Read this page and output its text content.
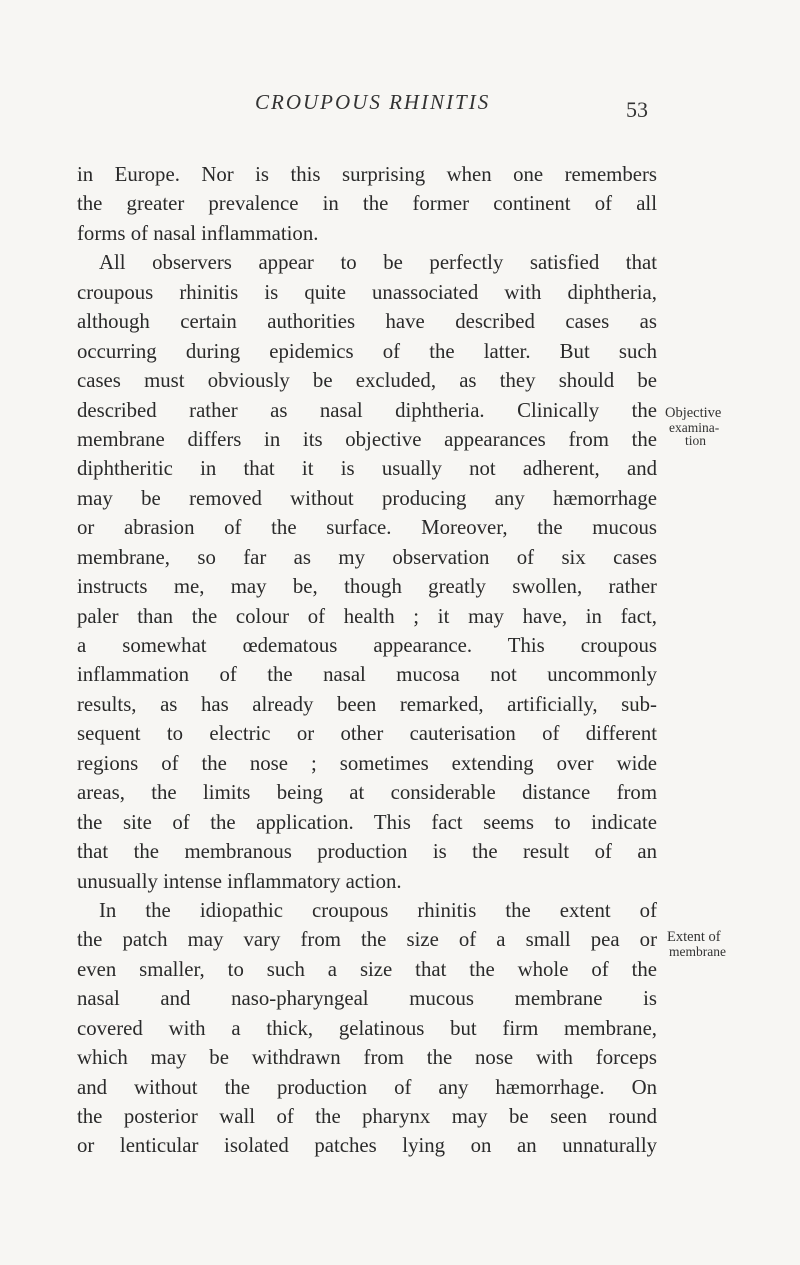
CROUPOUS RHINITIS	53
in Europe. Nor is this surprising when one remembers
the greater prevalence in the former continent of all
forms of nasal inflammation.
All observers appear to be perfectly satisfied that
croupous rhinitis is quite unassociated with diphtheria,
although certain authorities have described cases as
occurring during epidemics of the latter. But such
cases must obviously be excluded, as they should be
described rather as nasal diphtheria. Clinically the
membrane differs in its objective appearances from the
diphtheritic in that it is usually not adherent, and
may be removed without producing any hæmorrhage
or abrasion of the surface. Moreover, the mucous
membrane, so far as my observation of six cases
instructs me, may be, though greatly swollen, rather
paler than the colour of health ; it may have, in fact,
a somewhat œdematous appearance. This croupous
inflammation of the nasal mucosa not uncommonly
results, as has already been remarked, artificially, sub-
sequent to electric or other cauterisation of different
regions of the nose ; sometimes extending over wide
areas, the limits being at considerable distance from
the site of the application. This fact seems to indicate
that the membranous production is the result of an
unusually intense inflammatory action.
In the idiopathic croupous rhinitis the extent of
the patch may vary from the size of a small pea or
even smaller, to such a size that the whole of the
nasal and naso-pharyngeal mucous membrane is
covered with a thick, gelatinous but firm membrane,
which may be withdrawn from the nose with forceps
and without the production of any hæmorrhage. On
the posterior wall of the pharynx may be seen round
or lenticular isolated patches lying on an unnaturally
Objective
examina-
tion
Extent of
membrane
